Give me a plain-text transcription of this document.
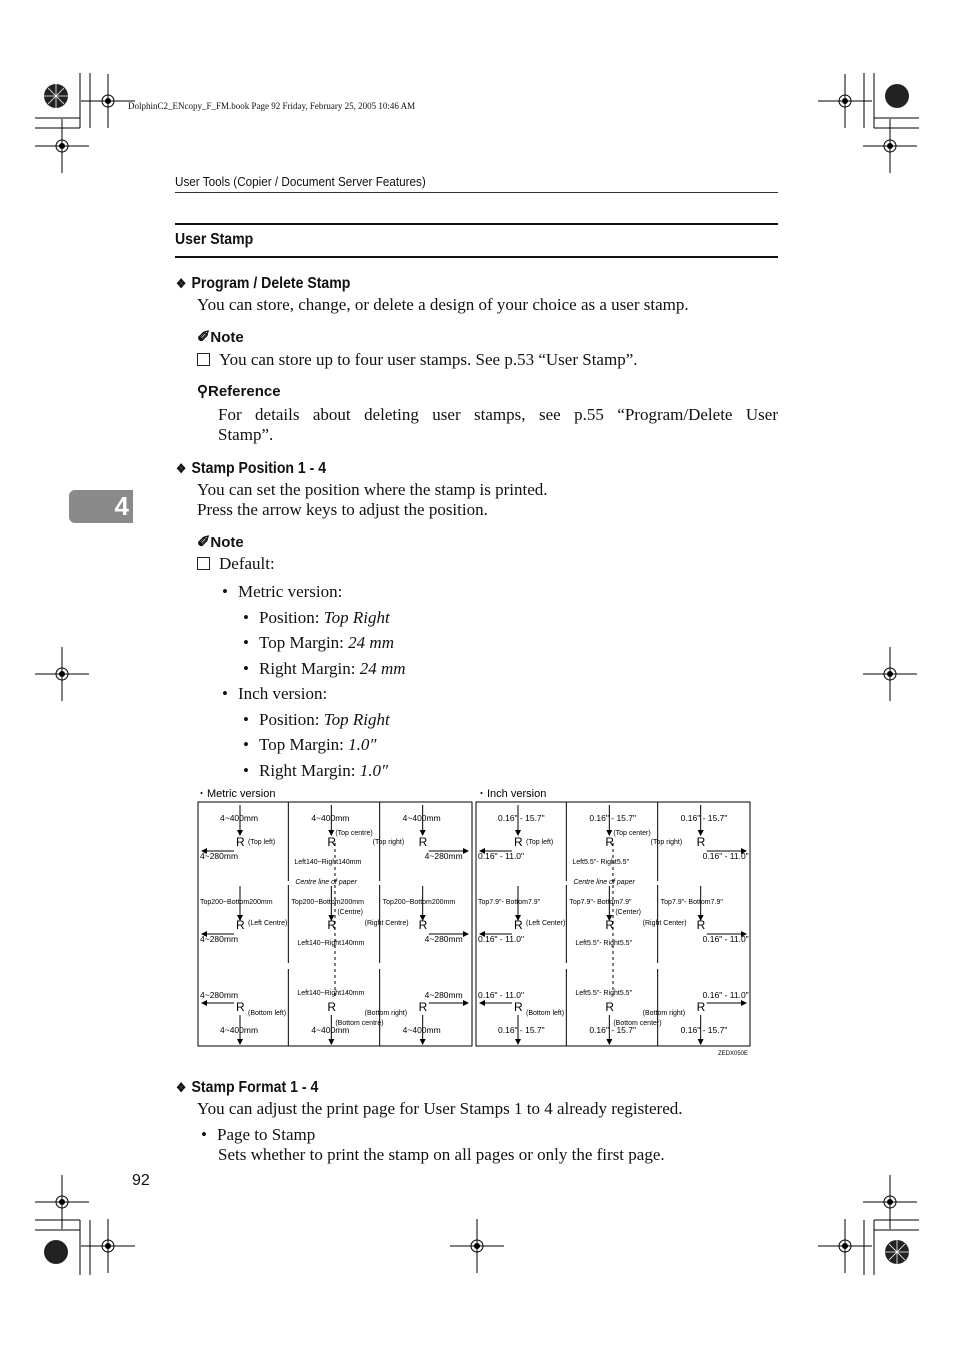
DolphinC2_ENcopy_F_FM.book Page 92 Friday, February 25, 2005 10:46 AM
User Tools (Copier / Document Server Features)
User Stamp
4
❖ Program / Delete Stamp
You can store, change, or delete a design of your choice as a user stamp.
✐Note
You can store up to four user stamps. See p.53 “User Stamp”.
⚲Reference
For details about deleting user stamps, see p.55 “Program/Delete User
Stamp”.
❖ Stamp Position 1 - 4
You can set the position where the stamp is printed.
Press the arrow keys to adjust the position.
✐Note
Default:
• Metric version:
• Position: Top Right
• Top Margin: 24 mm
• Right Margin: 24 mm
• Inch version:
• Position: Top Right
• Top Margin: 1.0″
• Right Margin: 1.0″
・Metric version	・Inch version
Centre line of paper
4~400mm	4~400mm	4~400mm
R	R	R
(Top left)
(Top centre)
(Top right)
4~280mm	4~280mm
Left140~Right140mm
Top200~Bottom200mm
R
Top200~Bottom200mm
R
Top200~Bottom200mm
R
(Left Centre)
(Centre)
(Right Centre)
4~280mm	4~280mm
Left140~Right140mm
4~280mm	4~280mm
Left140~Right140mm
R
4~400mm
R
4~400mm
R
4~400mm
(Bottom left)
(Bottom centre)
(Bottom right)
Centre line of paper
0.16" - 15.7"	0.16" - 15.7"	0.16" - 15.7"
R	R	R
(Top left)
(Top center)
(Top right)
0.16" - 11.0"	0.16" - 11.0"
Left5.5"- Right5.5"
Top7.9"- Bottom7.9"
R
Top7.9"- Bottom7.9"
R
Top7.9"- Bottom7.9"
R
(Left Center)
(Center)
(Right Center)
0.16" - 11.0"	0.16" - 11.0"
Left5.5"- Right5.5"
0.16" - 11.0"	0.16" - 11.0"
Left5.5"- Right5.5"
R
0.16" - 15.7"
R
0.16" - 15.7"
R
0.16" - 15.7"
(Bottom left)
(Bottom center)
(Bottom right)
ZEDX050E
❖ Stamp Format 1 - 4
You can adjust the print page for User Stamps 1 to 4 already registered.
• Page to Stamp
Sets whether to print the stamp on all pages or only the first page.
92
